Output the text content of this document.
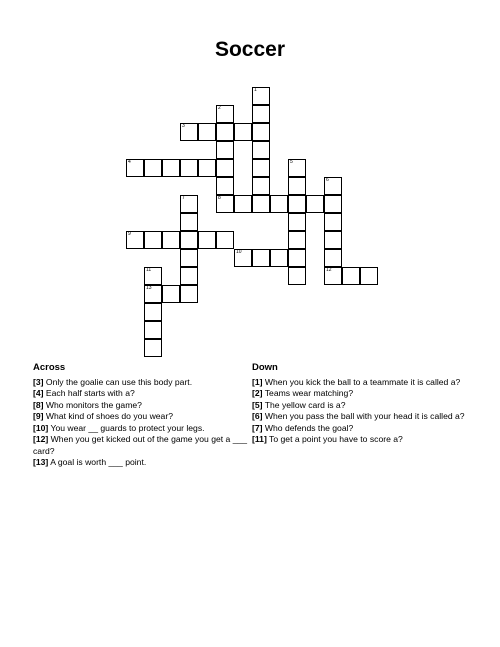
Soccer
1
2
8
5
6
12
7
11
13
3
4
9
10
Across

[3] Only the goalie can use this body part.

[4] Each half starts with a?

[8] Who monitors the game?

[9] What kind of shoes do you wear?

[10] You wear __ guards to protect your legs.

[12] When you get kicked out of the game you get a ___ card?

[13] A goal is worth ___ point.

Down

[1] When you kick the ball to a teammate it is called a?

[2] Teams wear matching?

[5] The yellow card is a?

[6] When you pass the ball with your head it is called a?

[7] Who defends the goal?

[11] To get a point you have to score a?
